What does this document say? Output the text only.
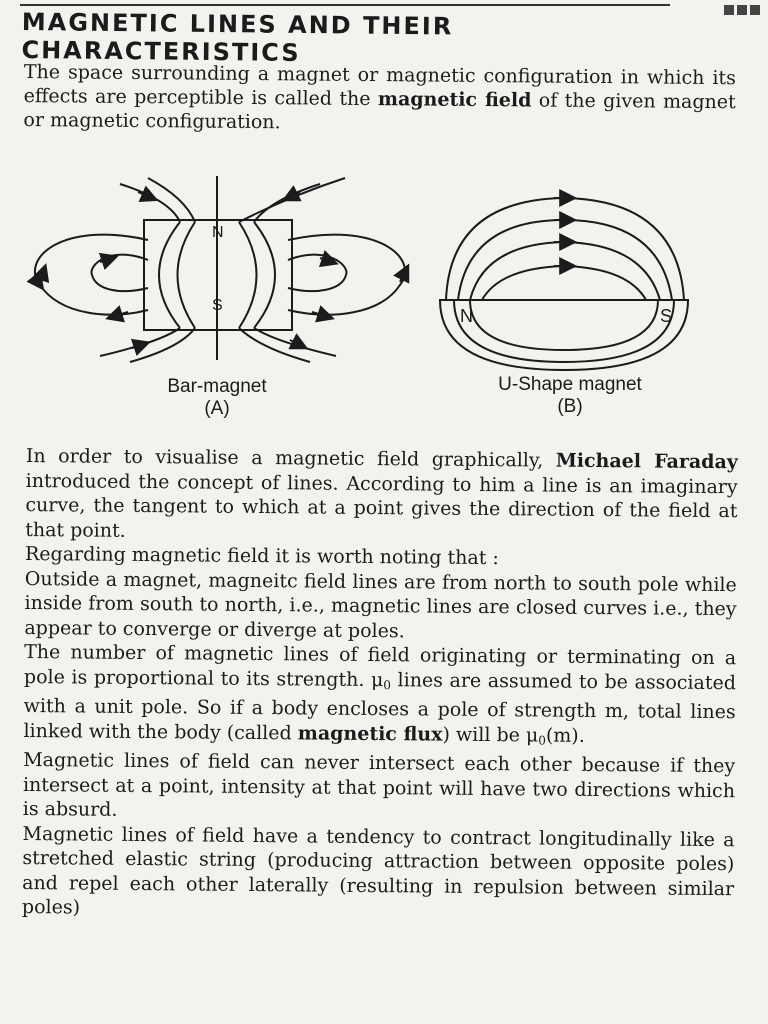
MAGNETIC LINES AND THEIR
CHARACTERISTICS
The space surrounding a magnet or magnetic configuration in which its effects are perceptible is called the magnetic field of the given magnet or magnetic configuration.
N
S
N	S
Bar-magnet
(A)
U-Shape magnet
(B)

In order to visualise a magnetic field graphically, Michael Faraday introduced the concept of lines. According to him a line is an imaginary curve, the tangent to which at a point gives the direction of the field at that point.

Regarding magnetic field it is worth noting that :

Outside a magnet, magneitc field lines are from north to south pole while inside from south to north, i.e., magnetic lines are closed curves i.e., they appear to converge or diverge at poles.

The number of magnetic lines of field originating or terminating on a pole is proportional to its strength. $\mu_0$ lines are assumed to be associated with a unit pole. So if a body encloses a pole of strength m, total lines linked with the body (called magnetic flux) will be $\mu_0(m)$.

Magnetic lines of field can never intersect each other because if they intersect at a point, intensity at that point will have two directions which is absurd.

Magnetic lines of field have a tendency to contract longitudinally like a stretched elastic string (producing attraction between opposite poles) and repel each other laterally (resulting in repulsion between similar poles)
